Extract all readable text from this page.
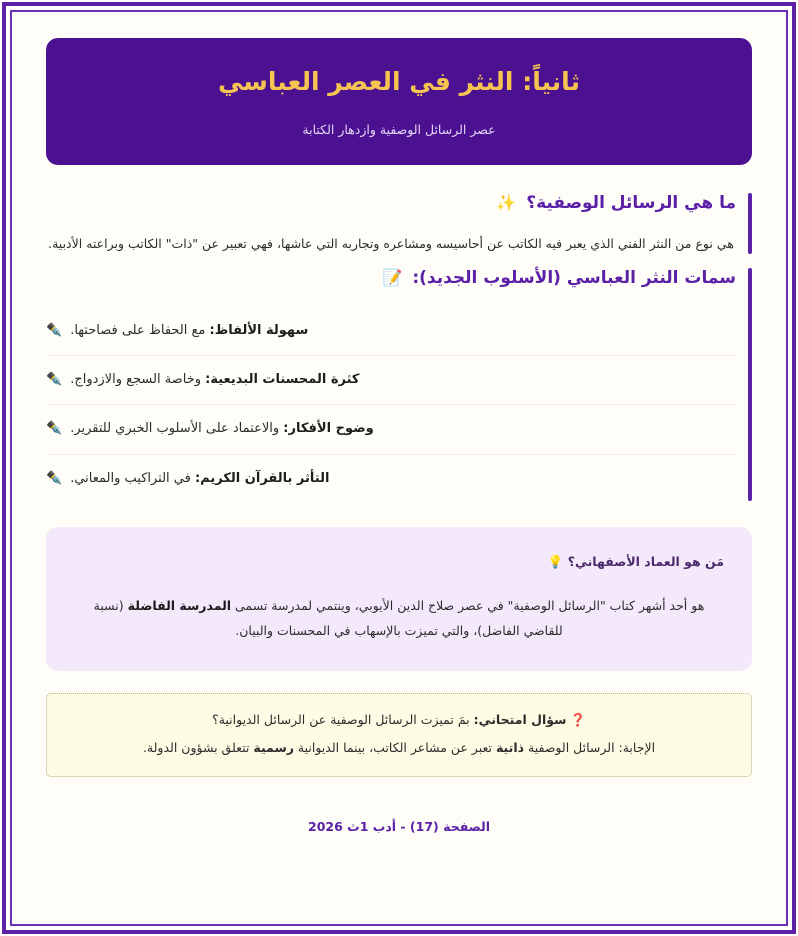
ثانياً: النثر في العصر العباسي
عصر الرسائل الوصفية وازدهار الكتابة
ما هي الرسائل الوصفية؟ ✨

هي نوع من النثر الفني الذي يعبر فيه الكاتب عن أحاسيسه ومشاعره وتجاربه التي عاشها، فهي تعبير عن "ذات" الكاتب وبراعته الأدبية.

سمات النثر العباسي (الأسلوب الجديد): 📝
سهولة الألفاظ: مع الحفاظ على فصاحتها.
✒️
كثرة المحسنات البديعية: وخاصة السجع والازدواج.
✒️
وضوح الأفكار: والاعتماد على الأسلوب الخبري للتقرير.
✒️
التأثر بالقرآن الكريم: في التراكيب والمعاني.
✒️
مَن هو العماد الأصفهاني؟ 💡

هو أحد أشهر كتاب "الرسائل الوصفية" في عصر صلاح الدين الأيوبي، وينتمي لمدرسة تسمى المدرسة الفاضلة (نسبة للقاضي الفاضل)، والتي تميزت بالإسهاب في المحسنات والبيان.

❓ سؤال امتحاني: بمَ تميزت الرسائل الوصفية عن الرسائل الديوانية؟

الإجابة: الرسائل الوصفية ذاتية تعبر عن مشاعر الكاتب، بينما الديوانية رسمية تتعلق بشؤون الدولة.

الصفحة (17) - أدب 1ث 2026
